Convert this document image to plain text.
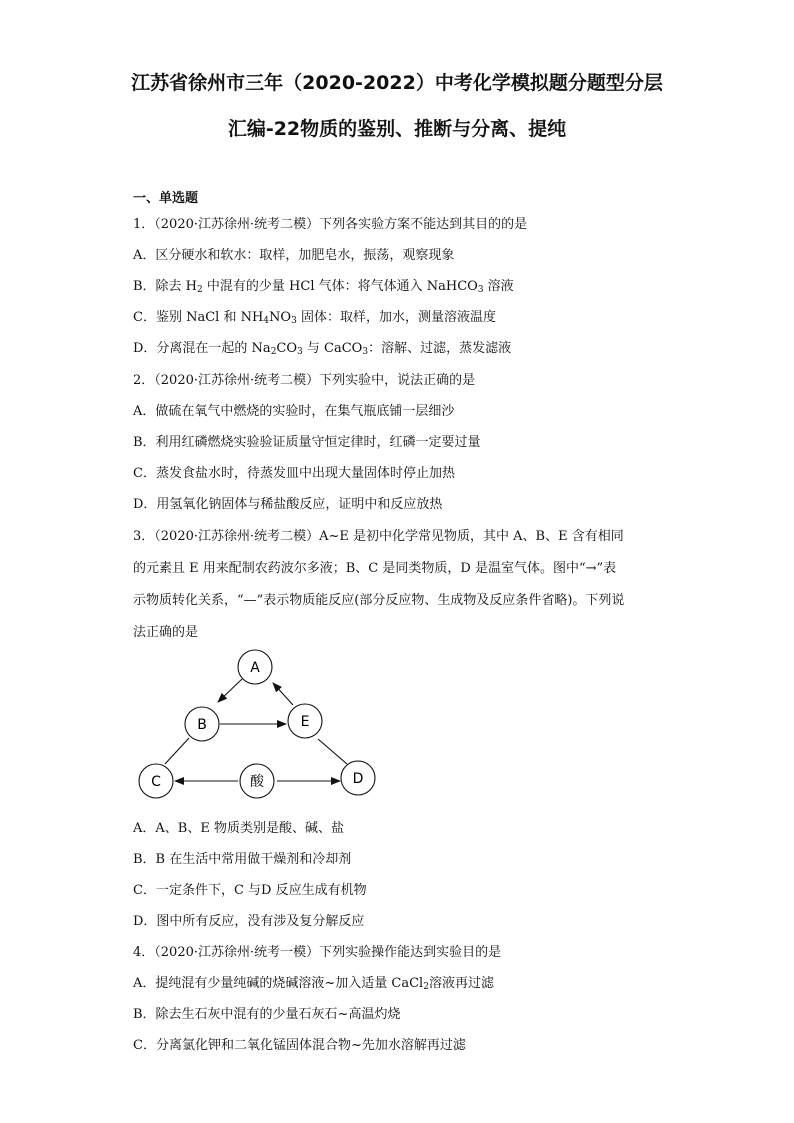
江苏省徐州市三年（2020-2022）中考化学模拟题分题型分层
汇编-22物质的鉴别、推断与分离、提纯
一、单选题
1．（2020·江苏徐州·统考二模）下列各实验方案不能达到其目的的是
A．区分硬水和软水：取样，加肥皂水，振荡，观察现象
B．除去 $H_2$ 中混有的少量 HCl 气体：将气体通入 NaHCO$_3$ 溶液
C．鉴别 NaCl 和 $NH_4NO_3$ 固体：取样，加水，测量溶液温度
D．分离混在一起的 $Na_2CO_3$ 与 CaCO$_3$：溶解、过滤，蒸发滤液
2．（2020·江苏徐州·统考二模）下列实验中，说法正确的是
A．做硫在氧气中燃烧的实验时，在集气瓶底铺一层细沙
B．利用红磷燃烧实验验证质量守恒定律时，红磷一定要过量
C．蒸发食盐水时，待蒸发皿中出现大量固体时停止加热
D．用氢氧化钠固体与稀盐酸反应，证明中和反应放热
3．（2020·江苏徐州·统考二模）A~E 是初中化学常见物质，其中 A、B、E 含有相同
的元素且 E 用来配制农药波尔多液；B、C 是同类物质，D 是温室气体。图中“→”表
示物质转化关系，“—”表示物质能反应(部分反应物、生成物及反应条件省略)。下列说
法正确的是
A
B	E
C	酸	D
A．A、B、E 物质类别是酸、碱、盐
B．B 在生活中常用做干燥剂和冷却剂
C．一定条件下，C 与D 反应生成有机物
D．图中所有反应，没有涉及复分解反应
4．（2020·江苏徐州·统考一模）下列实验操作能达到实验目的是
A．提纯混有少量纯碱的烧碱溶液~加入适量 CaCl$_2$溶液再过滤
B．除去生石灰中混有的少量石灰石~高温灼烧
C．分离氯化钾和二氧化锰固体混合物~先加水溶解再过滤
